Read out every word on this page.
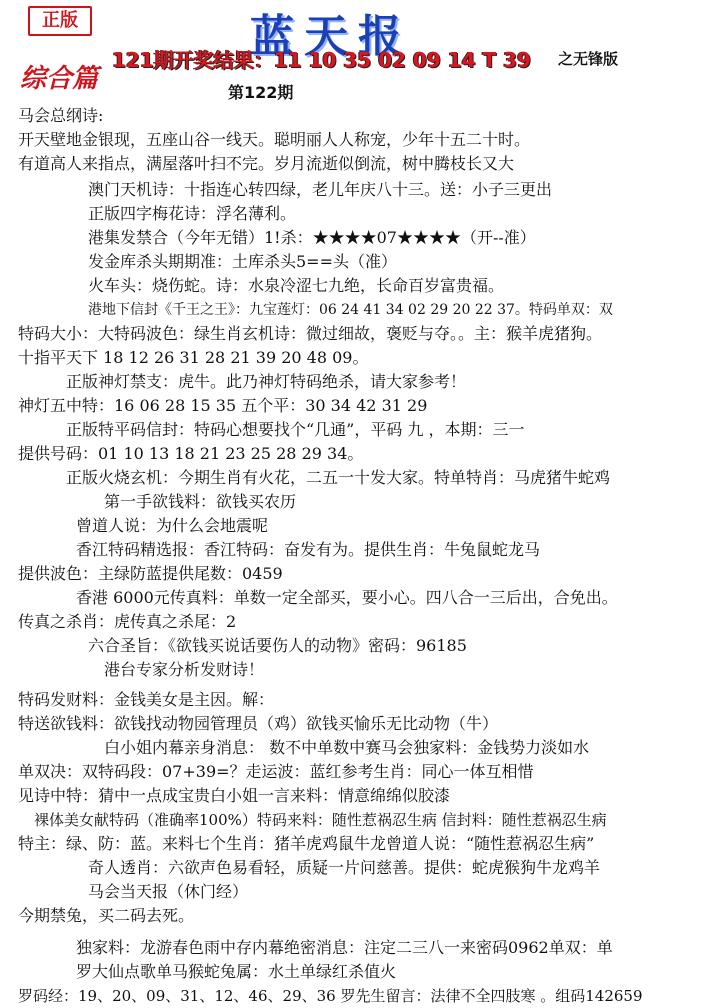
正版	蓝天报
综合篇
121期开奖结果：11 10 35 02 09 14 T 39 之无锋版
第122期
马会总纲诗:
开天壁地金银现，五座山谷一线天。聪明丽人人称宠，少年十五二十时。
有道高人来指点，满屋落叶扫不完。岁月流逝似倒流，树中腾枝长又大
澳门天机诗：十指连心转四绿，老儿年庆八十三。送：小子三更出
正版四字梅花诗：浮名薄利。
港集发禁合（今年无错）1!杀：★★★★07★★★★（开--准）
发金库杀头期期准：土库杀头5==头（准）
火车头：烧伤蛇。诗：水泉冷涩七九绝，长命百岁富贵福。
港地下信封《千王之王》：九宝莲灯：06 24 41 34 02 29 20 22 37。特码单双：双
特码大小：大特码波色：绿生肖玄机诗：微过细故，褒贬与夺。。主：猴羊虎猪狗。
十指平天下 18 12 26 31 28 21 39 20 48 09。
正版神灯禁支：虎牛。此乃神灯特码绝杀，请大家参考！
神灯五中特：16 06 28 15 35 五个平：30 34 42 31 29
正版特平码信封：特码心想要找个“几通”，平码 九 ，本期：三一
提供号码：01 10 13 18 21 23 25 28 29 34。
正版火烧玄机：今期生肖有火花，二五一十发大家。特单特肖：马虎猪牛蛇鸡
第一手欲钱料：欲钱买农历
曾道人说：为什么会地震呢
香江特码精选报：香江特码：奋发有为。提供生肖：牛兔鼠蛇龙马
提供波色：主绿防蓝提供尾数：0459
香港 6000元传真料：单数一定全部买，要小心。四八合一三后出，合免出。
传真之杀肖：虎传真之杀尾：2
六合圣旨：《欲钱买说话要伤人的动物》密码：96185
港台专家分析发财诗！
特码发财料：金钱美女是主因。解：
特送欲钱料：欲钱找动物园管理员（鸡）欲钱买愉乐无比动物（牛）
白小姐内幕亲身消息： 数不中单数中赛马会独家料：金钱势力淡如水
单双决：双特码段：07+39=？走运波：蓝红参考生肖：同心一体互相惜
见诗中特：猜中一点成宝贵白小姐一言来料：情意绵绵似胶漆
裸体美女献特码（准确率100%）特码来料：随性惹祸忍生病 信封料：随性惹祸忍生病
特主：绿、防：蓝。来料七个生肖：猪羊虎鸡鼠牛龙曾道人说：“随性惹祸忍生病”
奇人透肖：六欲声色易看轻，质疑一片问慈善。提供：蛇虎猴狗牛龙鸡羊
马会当天报（休门经）
今期禁兔，买二码去死。
独家料：龙游春色雨中存内幕绝密消息：注定二三八一来密码0962单双：单
罗大仙点歌单马猴蛇兔属：水土单绿红杀值火
罗码经：19、20、09、31、12、46、29、36 罗先生留言：法律不全四肢寒 。组码142659
